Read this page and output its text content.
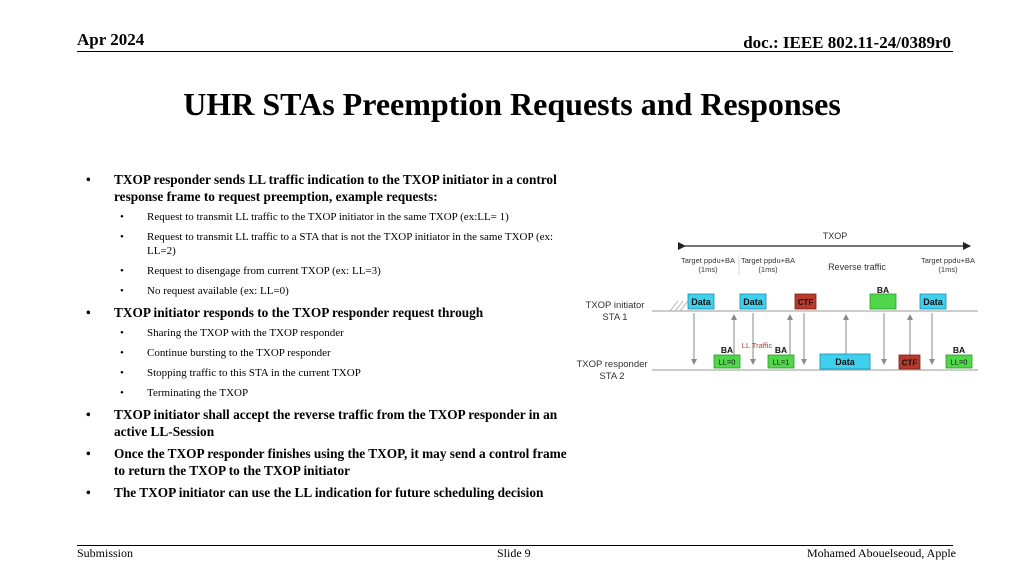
Apr 2024	doc.: IEEE 802.11-24/0389r0
UHR STAs Preemption Requests and Responses
• TXOP responder sends LL traffic indication to the TXOP initiator in a control response frame to request preemption, example requests:
• Request to transmit LL traffic to the TXOP initiator in the same TXOP (ex:LL= 1)
• Request to transmit LL traffic to a STA that is not the TXOP initiator in the same TXOP (ex: LL=2)
• Request to disengage from current TXOP (ex: LL=3)
• No request available (ex: LL=0)
• TXOP initiator responds to the TXOP responder request through
• Sharing the TXOP with the TXOP responder
• Continue bursting to the TXOP responder
• Stopping traffic to this STA in the current TXOP
• Terminating the TXOP
• TXOP initiator shall accept the reverse traffic from the TXOP responder in an active LL-Session
• Once the TXOP responder finishes using the TXOP, it may send a control frame to return the TXOP to the TXOP initiator
• The TXOP initiator can use the LL indication for future scheduling decision
TXOP
Target ppdu+BA
(1ms)
Target ppdu+BA
(1ms)
Target ppdu+BA
(1ms)
Reverse traffic
TXOP initiator
STA 1
TXOP responder
STA 2
Data	Data	CTF
BA
Data
BA
LL=0
LL Traffic BA
LL=1	Data	CTF
BA
LL=0
Submission	Slide 9	Mohamed Abouelseoud, Apple
